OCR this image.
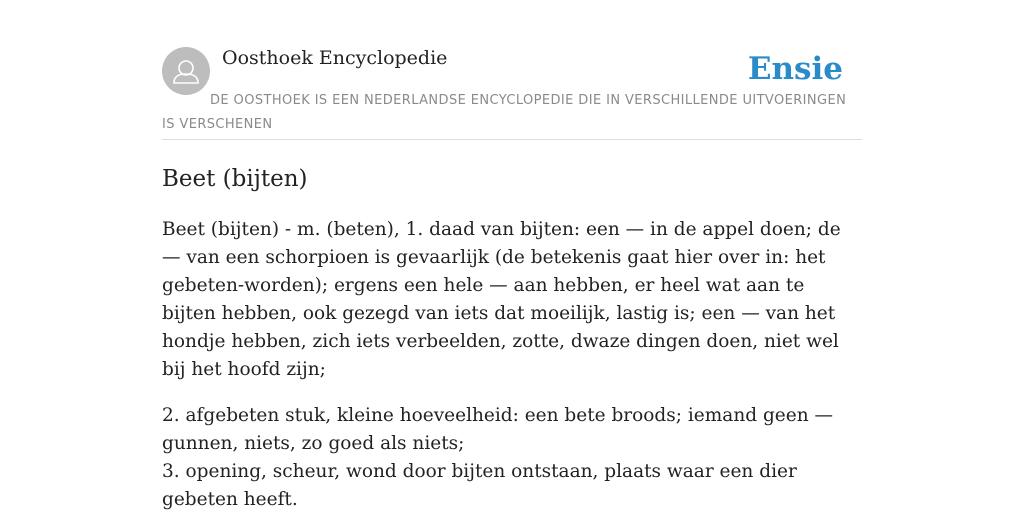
Oosthoek Encyclopedie	Ensie
DE OOSTHOEK IS EEN NEDERLANDSE ENCYCLOPEDIE DIE IN VERSCHILLENDE UITVOERINGEN IS VERSCHENEN
Beet (bijten)

Beet (bijten) - m. (beten), 1. daad van bijten: een — in de appel doen; de — van een schorpioen is gevaarlijk (de betekenis gaat hier over in: het gebeten-worden); ergens een hele — aan hebben, er heel wat aan te bijten hebben, ook gezegd van iets dat moeilijk, lastig is; een — van het hondje hebben, zich iets verbeelden, zotte, dwaze dingen doen, niet wel bij het hoofd zijn;

2. afgebeten stuk, kleine hoeveelheid: een bete broods; iemand geen — gunnen, niets, zo goed als niets;
3. opening, scheur, wond door bijten ontstaan, plaats waar een dier gebeten heeft.
